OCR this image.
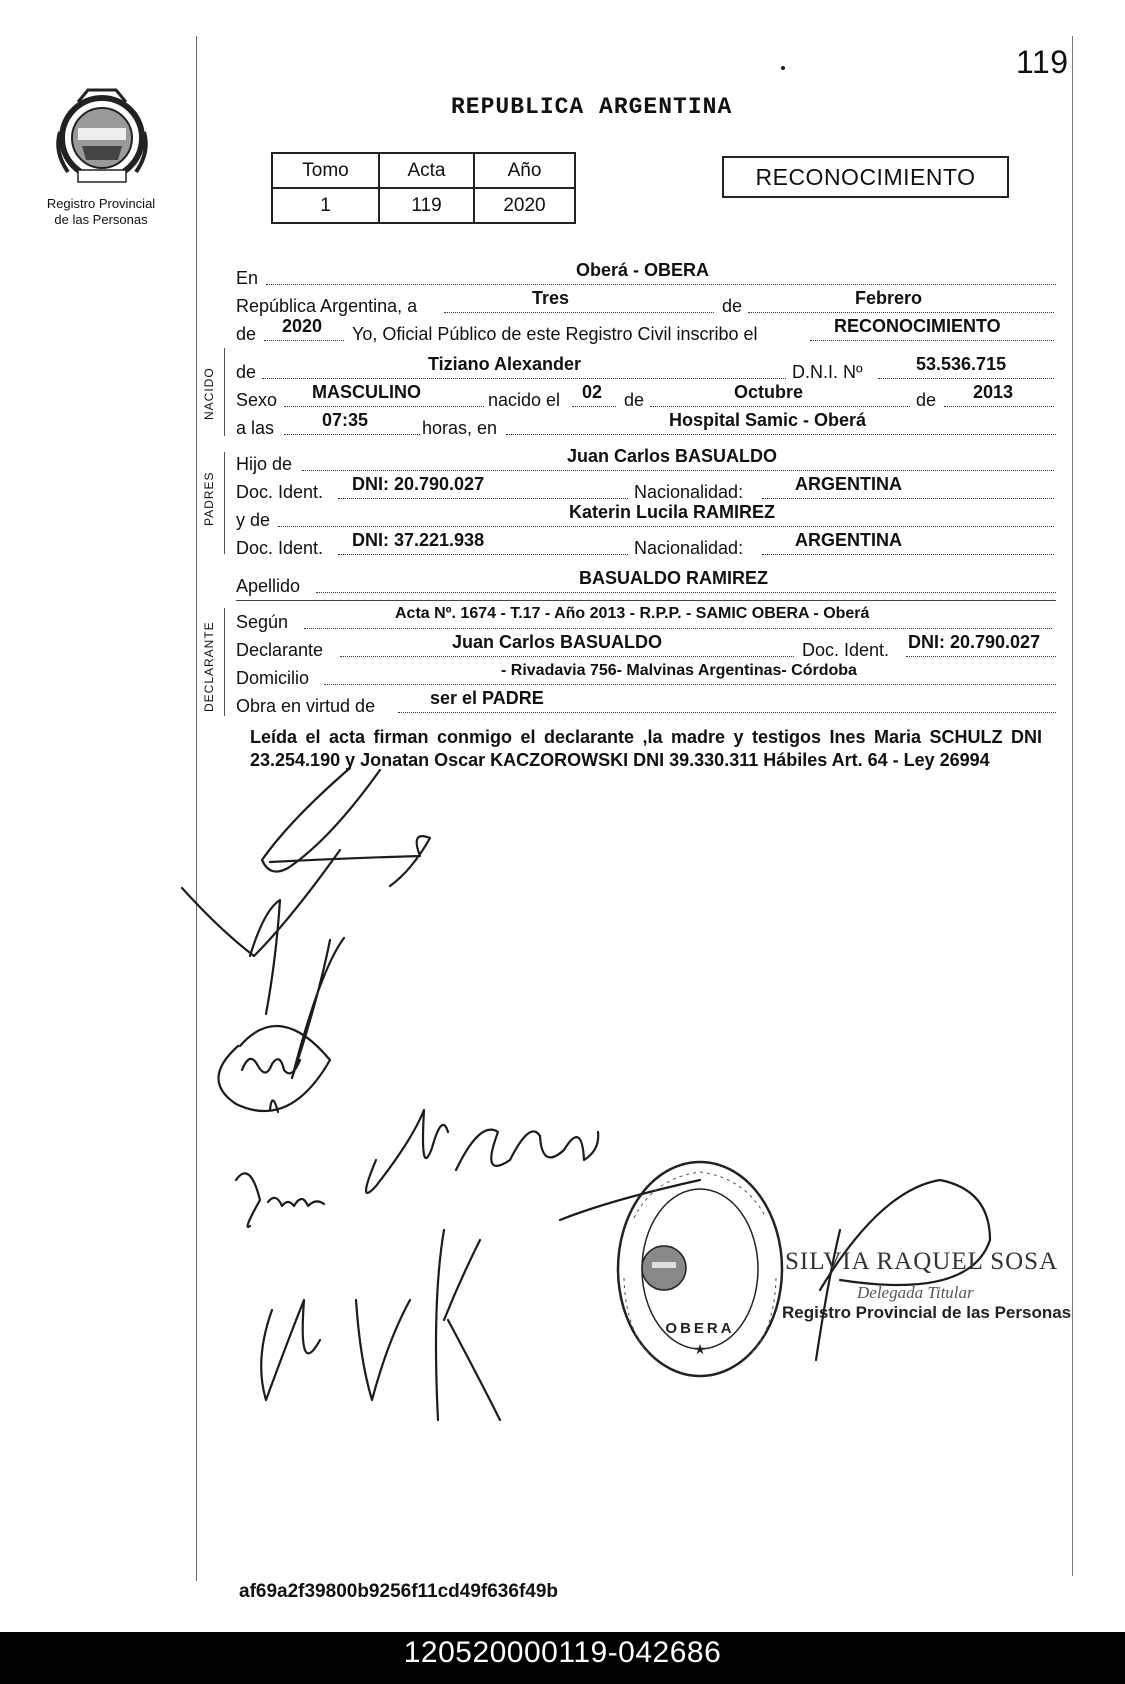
119
Registro Provincial
de las Personas
REPUBLICA ARGENTINA
Tomo	Acta	Año
1	119	2020
RECONOCIMIENTO
En	Oberá - OBERA
República Argentina, a	Tres	de	Febrero
de 2020 Yo, Oficial Público de este Registro Civil inscribo el	RECONOCIMIENTO
NACIDO de	Tiziano Alexander	D.N.I. Nº	53.536.715
Sexo MASCULINO	nacido el 02 de	Octubre	de 2013
a las	07:35	horas, en	Hospital Samic - Oberá
PADRES
Hijo de	Juan Carlos BASUALDO
Doc. Ident. DNI: 20.790.027	Nacionalidad:	ARGENTINA
y de	Katerin Lucila RAMIREZ
Doc. Ident. DNI: 37.221.938	Nacionalidad:	ARGENTINA
Apellido	BASUALDO RAMIREZ
DECLARANTE Según	Acta Nº. 1674 - T.17 - Año 2013 - R.P.P. - SAMIC OBERA - Oberá
Declarante	Juan Carlos BASUALDO	Doc. Ident. DNI: 20.790.027
Domicilio	- Rivadavia 756- Malvinas Argentinas- Córdoba
Obra en virtud de	ser el PADRE
Leída el acta firman conmigo el declarante ,la madre y testigos Ines Maria SCHULZ DNI 23.254.190 y Jonatan Oscar KACZOROWSKI DNI 39.330.311 Hábiles Art. 64 - Ley 26994
OBERA
★
SILVIA RAQUEL SOSA
Delegada Titular
Registro Provincial de las Personas
af69a2f39800b9256f11cd49f636f49b
120520000119-042686
